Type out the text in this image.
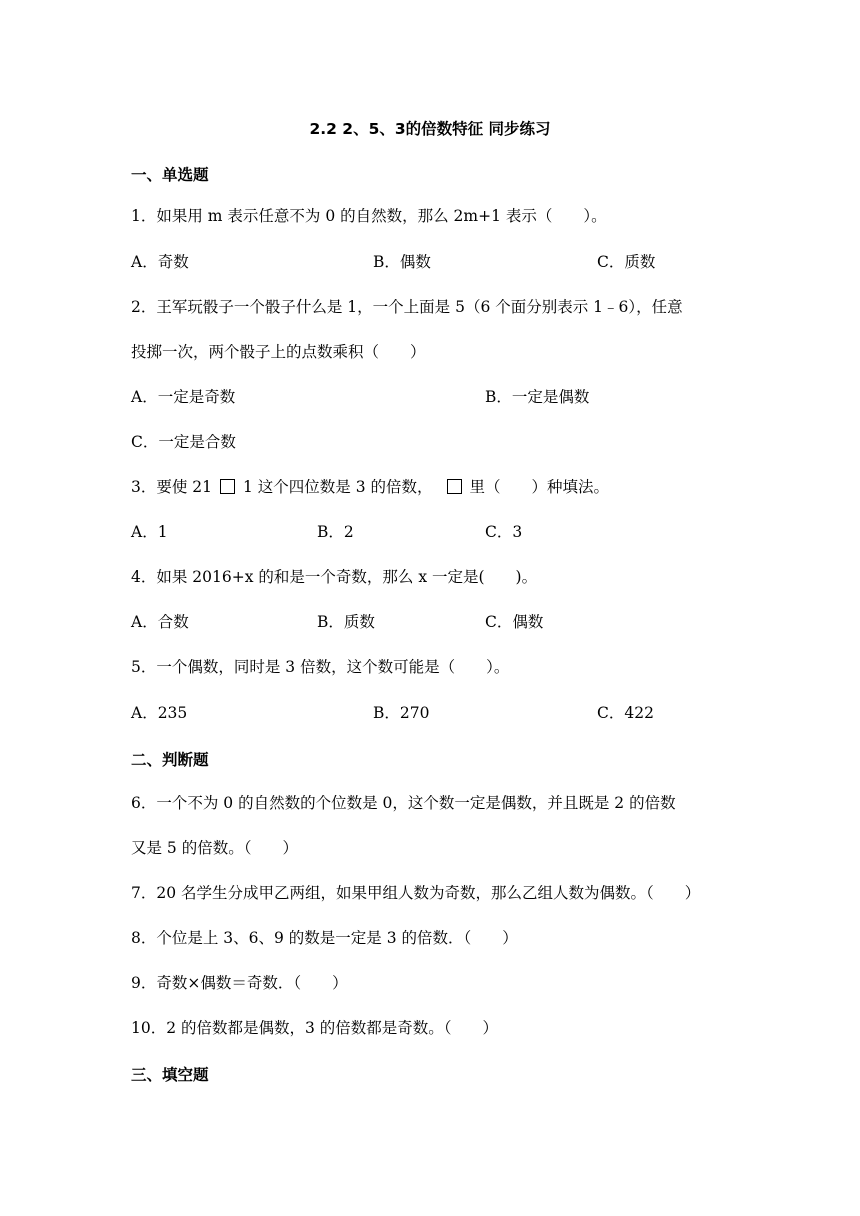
2.2 2、5、3的倍数特征 同步练习
一、单选题
1．如果用 m 表示任意不为 0 的自然数，那么 2m+1 表示（　　）。
A．奇数	B．偶数	C．质数
2．王军玩骰子一个骰子什么是 1，一个上面是 5（6 个面分别表示 1﹣6），任意
投掷一次，两个骰子上的点数乘积（　　）
A．一定是奇数	B．一定是偶数
C．一定是合数
3．要使 21 1 这个四位数是 3 的倍数， 里（　　）种填法。
A．1	B．2	C．3
4．如果 2016+x 的和是一个奇数，那么 x 一定是(　　)。
A．合数	B．质数	C．偶数
5．一个偶数，同时是 3 倍数，这个数可能是（　　）。
A．235	B．270	C．422
二、判断题
6．一个不为 0 的自然数的个位数是 0，这个数一定是偶数，并且既是 2 的倍数
又是 5 的倍数。（　　）
7．20 名学生分成甲乙两组，如果甲组人数为奇数，那么乙组人数为偶数。（　　）
8．个位是上 3、6、9 的数是一定是 3 的倍数．（　　）
9．奇数×偶数＝奇数．（　　）
10．2 的倍数都是偶数，3 的倍数都是奇数。（　　）
三、填空题
